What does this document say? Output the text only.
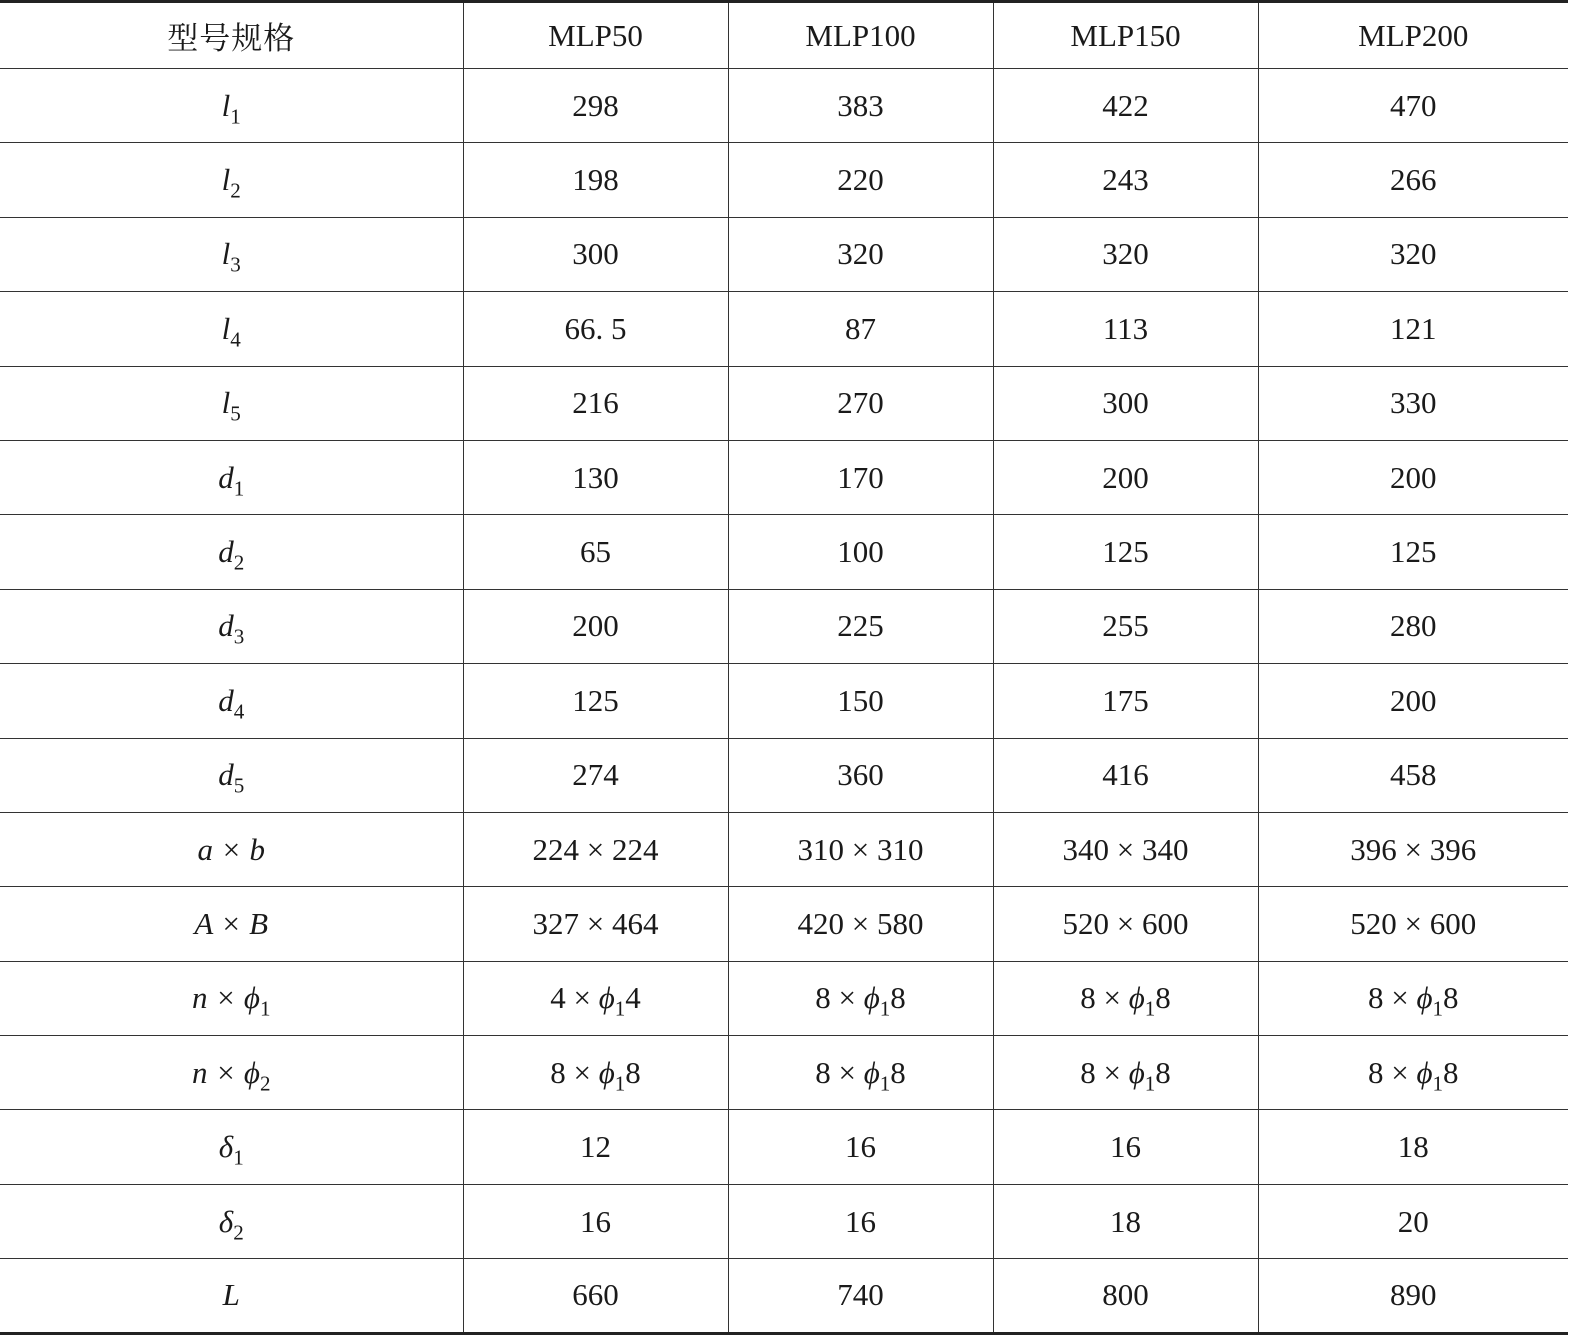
型号规格	MLP50	MLP100	MLP150	MLP200
$l_1$	298	383	422	470
$l_2$	198	220	243	266
$l_3$	300	320	320	320
$l_4$	66. 5	87	113	121
$l_5$	216	270	300	330
$d_1$	130	170	200	200
$d_2$	65	100	125	125
$d_3$	200	225	255	280
$d_4$	125	150	175	200
$d_5$	274	360	416	458
a × b	224 × 224	310 × 310	340 × 340	396 × 396
A × B	327 × 464	420 × 580	520 × 600	520 × 600
$n \times \phi_1$	$4 \times \phi_14$	$8 \times \phi_18$	$8 \times \phi_18$	$8 \times \phi_18$
$n \times \phi_2$	$8 \times \phi_18$	$8 \times \phi_18$	$8 \times \phi_18$	$8 \times \phi_18$
$\delta_1$	12	16	16	18
$\delta_2$	16	16	18	20
L	660	740	800	890
